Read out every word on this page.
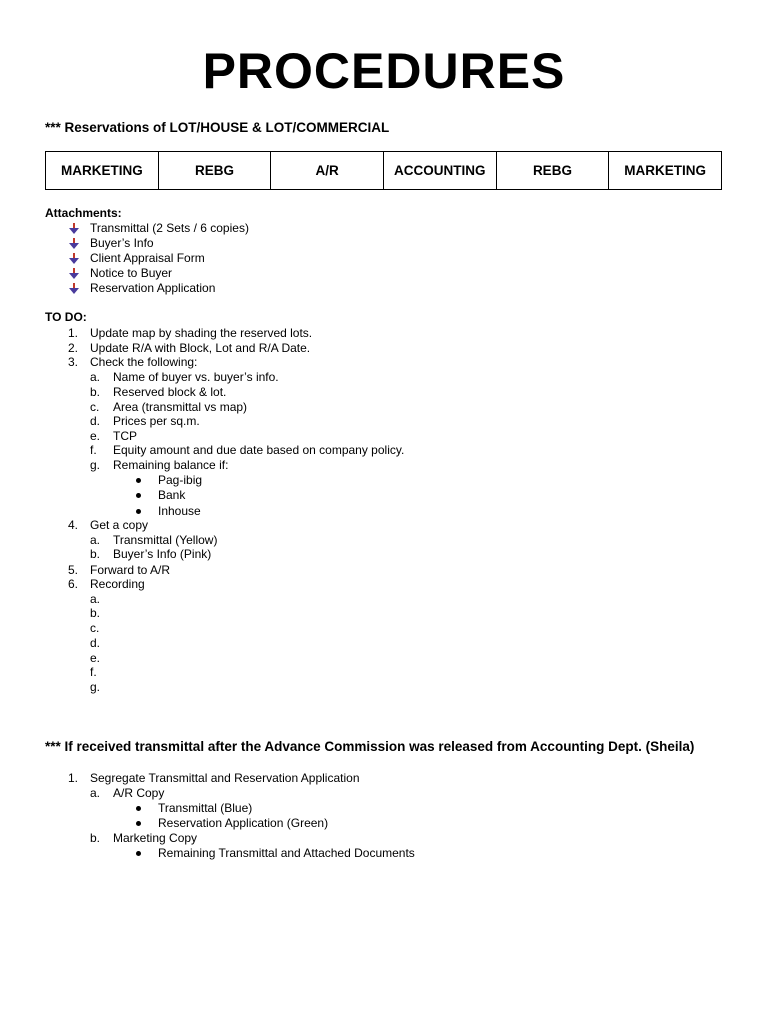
PROCEDURES
*** Reservations of LOT/HOUSE & LOT/COMMERCIAL
MARKETING	REBG	A/R	ACCOUNTING	REBG	MARKETING
Attachments:
Transmittal (2 Sets / 6 copies)
Buyer’s Info
Client Appraisal Form
Notice to Buyer
Reservation Application
TO DO:
1. Update map by shading the reserved lots.
2. Update R/A with Block, Lot and R/A Date.
3. Check the following:
a. Name of buyer vs. buyer’s info.
b. Reserved block & lot.
c. Area (transmittal vs map)
d. Prices per sq.m.
e. TCP
f. Equity amount and due date based on company policy.
g. Remaining balance if:
Pag-ibig
Bank
Inhouse
4. Get a copy
a. Transmittal (Yellow)
b. Buyer’s Info (Pink)
5. Forward to A/R
6. Recording
a.
b.
c.
d.
e.
f.
g.
*** If received transmittal after the Advance Commission was released from Accounting Dept. (Sheila)
1. Segregate Transmittal and Reservation Application
a. A/R Copy
Transmittal (Blue)
Reservation Application (Green)
b. Marketing Copy
Remaining Transmittal and Attached Documents
